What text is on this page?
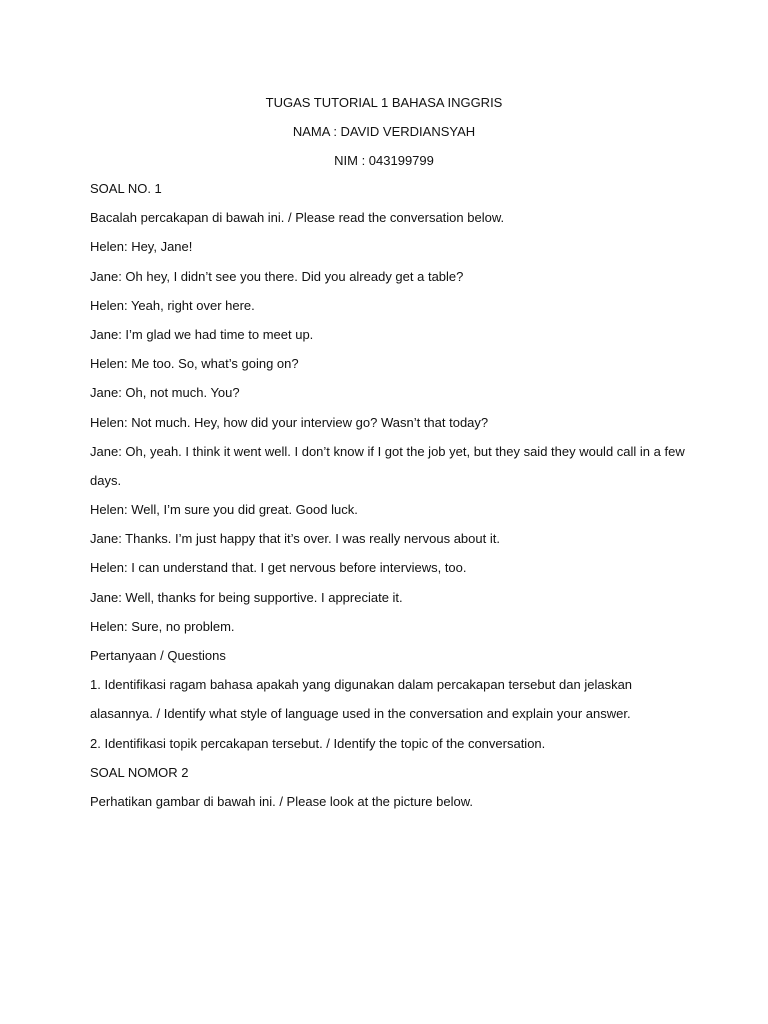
TUGAS TUTORIAL 1 BAHASA INGGRIS
NAMA : DAVID VERDIANSYAH
NIM : 043199799
SOAL NO. 1
Bacalah percakapan di bawah ini. / Please read the conversation below.
Helen: Hey, Jane!
Jane: Oh hey, I didn’t see you there. Did you already get a table?
Helen: Yeah, right over here.
Jane: I’m glad we had time to meet up.
Helen: Me too. So, what’s going on?
Jane: Oh, not much. You?
Helen: Not much. Hey, how did your interview go? Wasn’t that today?
Jane: Oh, yeah. I think it went well. I don’t know if I got the job yet, but they said they would call in a few
days.
Helen: Well, I’m sure you did great. Good luck.
Jane: Thanks. I’m just happy that it’s over. I was really nervous about it.
Helen: I can understand that. I get nervous before interviews, too.
Jane: Well, thanks for being supportive. I appreciate it.
Helen: Sure, no problem.
Pertanyaan / Questions
1. Identifikasi ragam bahasa apakah yang digunakan dalam percakapan tersebut dan jelaskan
alasannya. / Identify what style of language used in the conversation and explain your answer.
2. Identifikasi topik percakapan tersebut. / Identify the topic of the conversation.
SOAL NOMOR 2
Perhatikan gambar di bawah ini. / Please look at the picture below.
